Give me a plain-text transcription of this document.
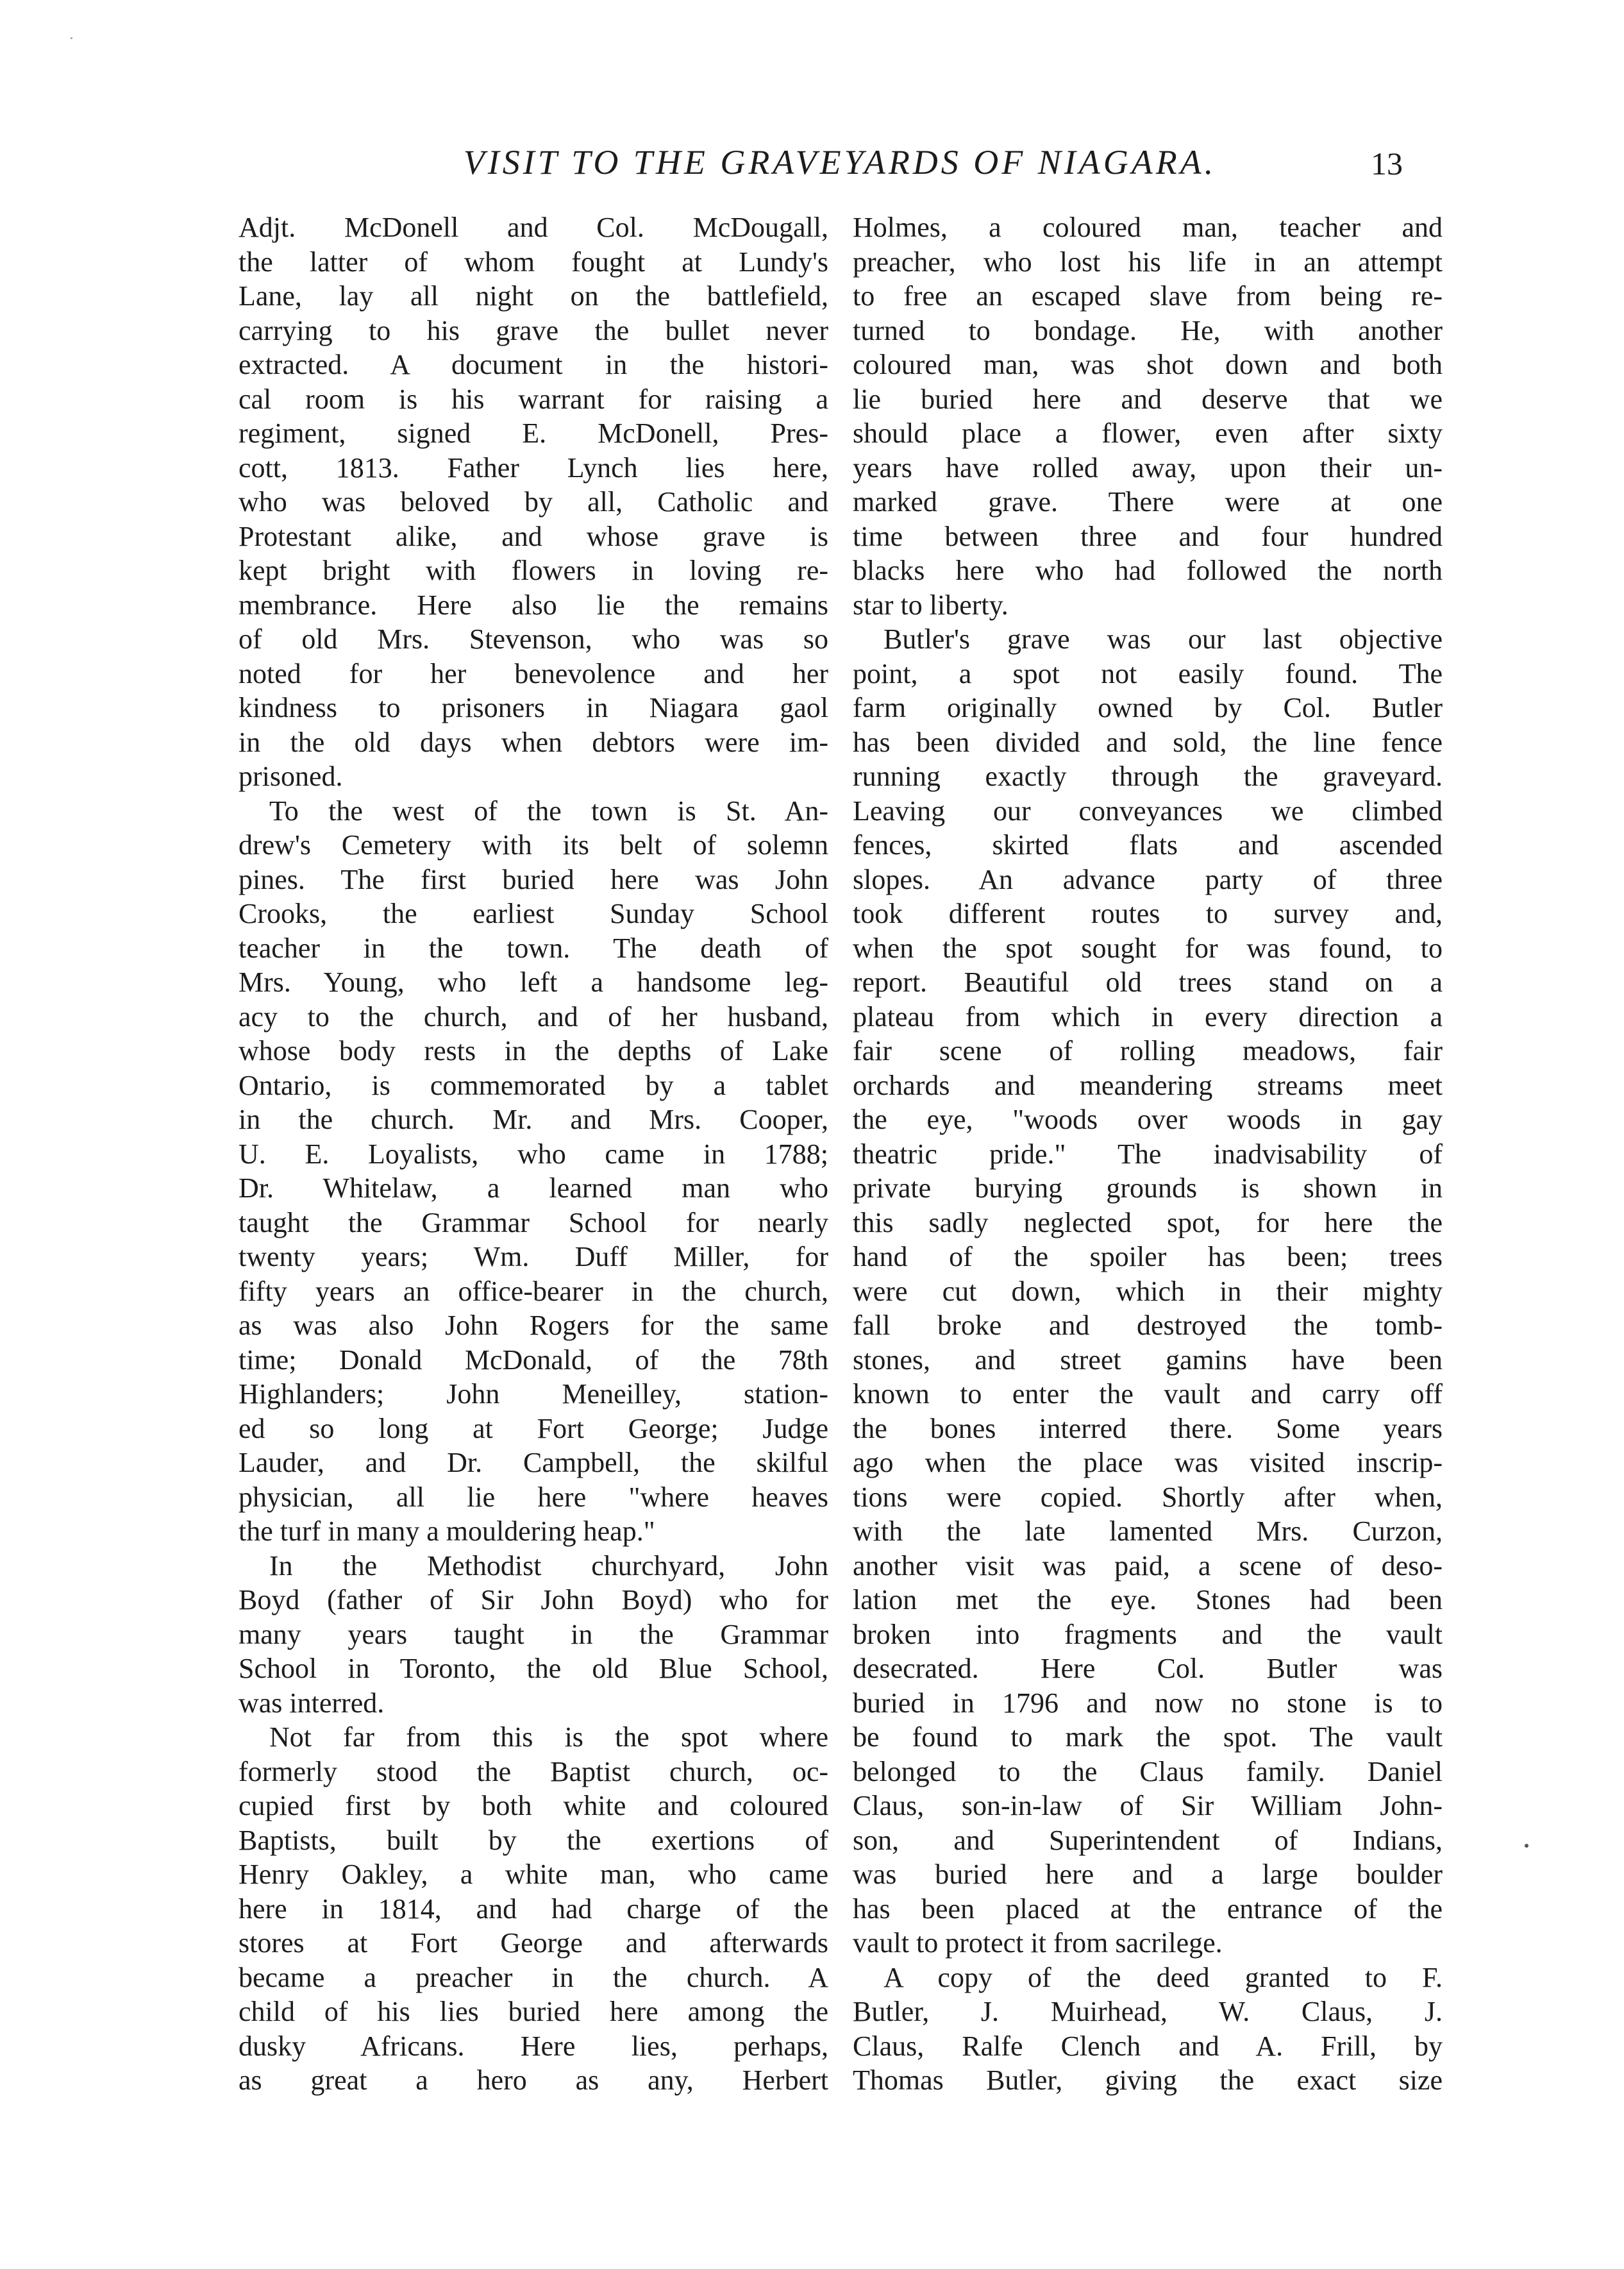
VISIT TO THE GRAVEYARDS OF NIAGARA.	13
Adjt. McDonell and Col. McDougall,
the latter of whom fought at Lundy's
Lane, lay all night on the battlefield,
carrying to his grave the bullet never
extracted. A document in the histori-
cal room is his warrant for raising a
regiment, signed E. McDonell, Pres-
cott, 1813. Father Lynch lies here,
who was beloved by all, Catholic and
Protestant alike, and whose grave is
kept bright with flowers in loving re-
membrance. Here also lie the remains
of old Mrs. Stevenson, who was so
noted for her benevolence and her
kindness to prisoners in Niagara gaol
in the old days when debtors were im-
prisoned.
To the west of the town is St. An-
drew's Cemetery with its belt of solemn
pines. The first buried here was John
Crooks, the earliest Sunday School
teacher in the town. The death of
Mrs. Young, who left a handsome leg-
acy to the church, and of her husband,
whose body rests in the depths of Lake
Ontario, is commemorated by a tablet
in the church. Mr. and Mrs. Cooper,
U. E. Loyalists, who came in 1788;
Dr. Whitelaw, a learned man who
taught the Grammar School for nearly
twenty years; Wm. Duff Miller, for
fifty years an office-bearer in the church,
as was also John Rogers for the same
time; Donald McDonald, of the 78th
Highlanders; John Meneilley, station-
ed so long at Fort George; Judge
Lauder, and Dr. Campbell, the skilful
physician, all lie here "where heaves
the turf in many a mouldering heap."
In the Methodist churchyard, John
Boyd (father of Sir John Boyd) who for
many years taught in the Grammar
School in Toronto, the old Blue School,
was interred.
Not far from this is the spot where
formerly stood the Baptist church, oc-
cupied first by both white and coloured
Baptists, built by the exertions of
Henry Oakley, a white man, who came
here in 1814, and had charge of the
stores at Fort George and afterwards
became a preacher in the church. A
child of his lies buried here among the
dusky Africans. Here lies, perhaps,
as great a hero as any, Herbert
Holmes, a coloured man, teacher and
preacher, who lost his life in an attempt
to free an escaped slave from being re-
turned to bondage. He, with another
coloured man, was shot down and both
lie buried here and deserve that we
should place a flower, even after sixty
years have rolled away, upon their un-
marked grave. There were at one
time between three and four hundred
blacks here who had followed the north
star to liberty.
Butler's grave was our last objective
point, a spot not easily found. The
farm originally owned by Col. Butler
has been divided and sold, the line fence
running exactly through the graveyard.
Leaving our conveyances we climbed
fences, skirted flats and ascended
slopes. An advance party of three
took different routes to survey and,
when the spot sought for was found, to
report. Beautiful old trees stand on a
plateau from which in every direction a
fair scene of rolling meadows, fair
orchards and meandering streams meet
the eye, "woods over woods in gay
theatric pride." The inadvisability of
private burying grounds is shown in
this sadly neglected spot, for here the
hand of the spoiler has been; trees
were cut down, which in their mighty
fall broke and destroyed the tomb-
stones, and street gamins have been
known to enter the vault and carry off
the bones interred there. Some years
ago when the place was visited inscrip-
tions were copied. Shortly after when,
with the late lamented Mrs. Curzon,
another visit was paid, a scene of deso-
lation met the eye. Stones had been
broken into fragments and the vault
desecrated. Here Col. Butler was
buried in 1796 and now no stone is to
be found to mark the spot. The vault
belonged to the Claus family. Daniel
Claus, son-in-law of Sir William John-
son, and Superintendent of Indians,
was buried here and a large boulder
has been placed at the entrance of the
vault to protect it from sacrilege.
A copy of the deed granted to F.
Butler, J. Muirhead, W. Claus, J.
Claus, Ralfe Clench and A. Frill, by
Thomas Butler, giving the exact size
